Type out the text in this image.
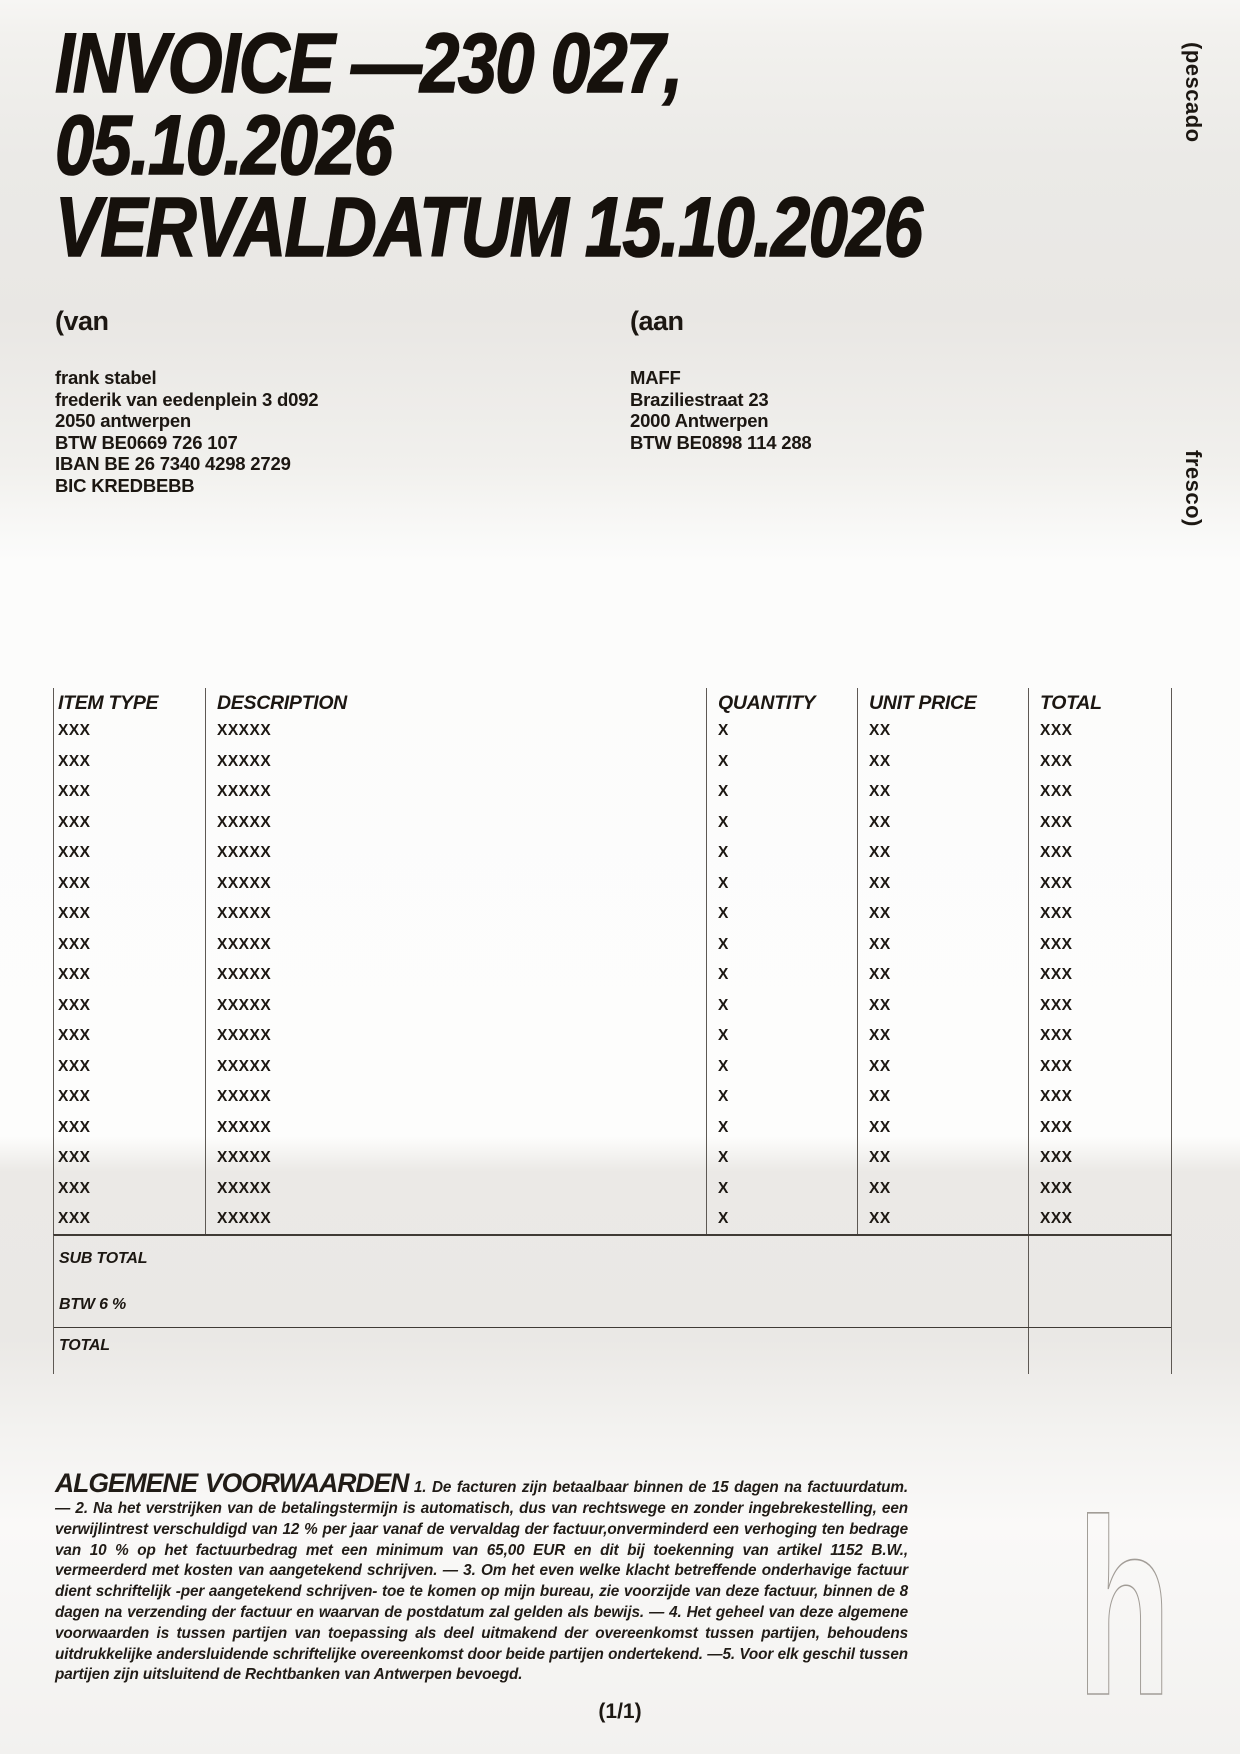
INVOICE —230 027,
05.10.2026
VERVALDATUM 15.10.2026
(pescado
fresco)

(van

frank stabel
frederik van eedenplein 3 d092
2050 antwerpen
BTW BE0669 726 107
IBAN BE 26 7340 4298 2729
BIC KREDBEBB

(aan

MAFF
Braziliestraat 23
2000 Antwerpen
BTW BE0898 114 288
ITEM TYPE	DESCRIPTION	QUANTITY	UNIT PRICE	TOTAL
XXX	XXXXX	X	XX	XXX
XXX	XXXXX	X	XX	XXX
XXX	XXXXX	X	XX	XXX
XXX	XXXXX	X	XX	XXX
XXX	XXXXX	X	XX	XXX
XXX	XXXXX	X	XX	XXX
XXX	XXXXX	X	XX	XXX
XXX	XXXXX	X	XX	XXX
XXX	XXXXX	X	XX	XXX
XXX	XXXXX	X	XX	XXX
XXX	XXXXX	X	XX	XXX
XXX	XXXXX	X	XX	XXX
XXX	XXXXX	X	XX	XXX
XXX	XXXXX	X	XX	XXX
XXX	XXXXX	X	XX	XXX
XXX	XXXXX	X	XX	XXX
XXX	XXXXX	X	XX	XXX
SUB TOTAL
BTW 6 %
TOTAL

ALGEMENE VOORWAARDEN 1. De facturen zijn betaalbaar binnen de 15 dagen na factuurdatum. — 2. Na het verstrijken van de betalingstermijn is automatisch, dus van rechtswege en zonder ingebrekestelling, een verwijlintrest verschuldigd van 12 % per jaar vanaf de vervaldag der factuur,onverminderd een verhoging ten bedrage van 10 % op het factuurbedrag met een minimum van 65,00 EUR en dit bij toekenning van artikel 1152 B.W., vermeerderd met kosten van aangetekend schrijven. — 3. Om het even welke klacht betreffende onderhavige factuur dient schriftelijk -per aangetekend schrijven- toe te komen op mijn bureau, zie voorzijde van deze factuur, binnen de 8 dagen na verzending der factuur en waarvan de postdatum zal gelden als bewijs. — 4. Het geheel van deze algemene voorwaarden is tussen partijen van toepassing als deel uitmakend der overeenkomst tussen partijen, behoudens uitdrukkelijke andersluidende schriftelijke overeenkomst door beide partijen ondertekend. —5. Voor elk geschil tussen partijen zijn uitsluitend de Rechtbanken van Antwerpen bevoegd.	h
(1/1)
